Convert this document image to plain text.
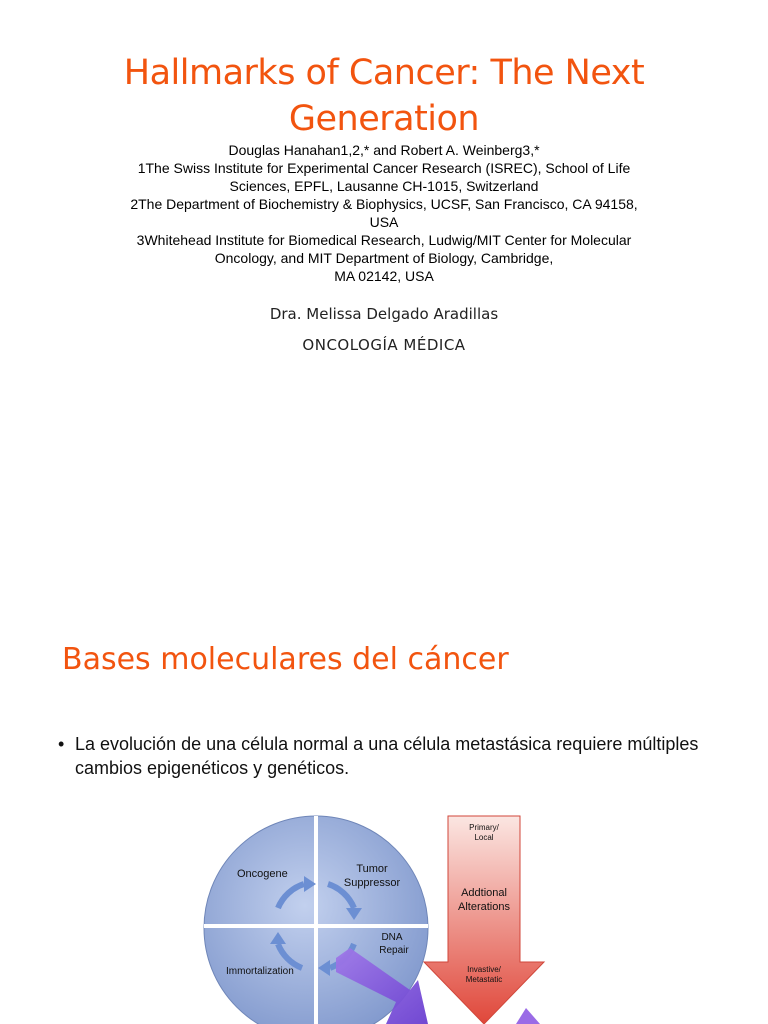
Hallmarks of Cancer: The Next Generation
Douglas Hanahan1,2,* and Robert A. Weinberg3,*
1The Swiss Institute for Experimental Cancer Research (ISREC), School of Life
Sciences, EPFL, Lausanne CH-1015, Switzerland
2The Department of Biochemistry & Biophysics, UCSF, San Francisco, CA 94158,
USA
3Whitehead Institute for Biomedical Research, Ludwig/MIT Center for Molecular
Oncology, and MIT Department of Biology, Cambridge,
MA 02142, USA
Dra. Melissa Delgado Aradillas
ONCOLOGÍA MÉDICA
Bases moleculares del cáncer
• La evolución de una célula normal a una célula metastásica requiere múltiples cambios epigenéticos y genéticos.
Oncogene	Tumor
Suppressor
DNA
Repair
Immortalization
Primary/
Local
Addtional
Alterations
Invastive/
Metastatic
